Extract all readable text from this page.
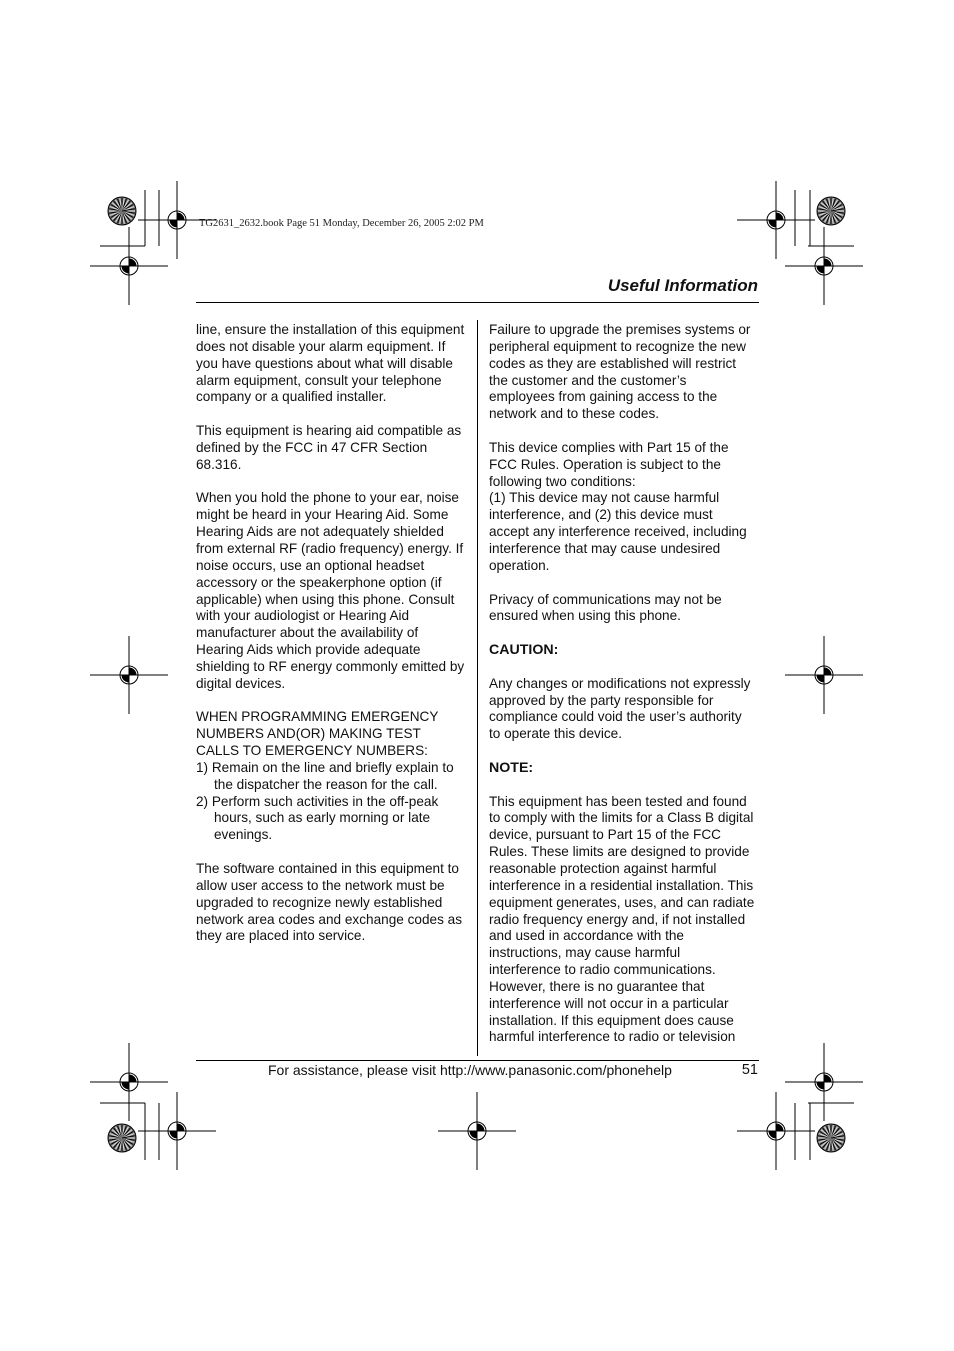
TG2631_2632.book Page 51 Monday, December 26, 2005 2:02 PM
Useful Information

line, ensure the installation of this equipment does not disable your alarm equipment. If you have questions about what will disable alarm equipment, consult your telephone company or a qualified installer.

This equipment is hearing aid compatible as defined by the FCC in 47 CFR Section 68.316.

When you hold the phone to your ear, noise might be heard in your Hearing Aid. Some Hearing Aids are not adequately shielded from external RF (radio frequency) energy. If noise occurs, use an optional headset accessory or the speakerphone option (if applicable) when using this phone. Consult with your audiologist or Hearing Aid manufacturer about the availability of Hearing Aids which provide adequate shielding to RF energy commonly emitted by digital devices.

WHEN PROGRAMMING EMERGENCY NUMBERS AND(OR) MAKING TEST CALLS TO EMERGENCY NUMBERS:

1) Remain on the line and briefly explain to the dispatcher the reason for the call.

2) Perform such activities in the off-peak hours, such as early morning or late evenings.

The software contained in this equipment to allow user access to the network must be upgraded to recognize newly established network area codes and exchange codes as they are placed into service.

Failure to upgrade the premises systems or peripheral equipment to recognize the new codes as they are established will restrict the customer and the customer’s employees from gaining access to the network and to these codes.

This device complies with Part 15 of the FCC Rules. Operation is subject to the following two conditions:

(1) This device may not cause harmful interference, and (2) this device must accept any interference received, including interference that may cause undesired operation.

Privacy of communications may not be ensured when using this phone.

CAUTION:

Any changes or modifications not expressly approved by the party responsible for compliance could void the user’s authority to operate this device.

NOTE:

This equipment has been tested and found to comply with the limits for a Class B digital device, pursuant to Part 15 of the FCC Rules. These limits are designed to provide reasonable protection against harmful interference in a residential installation. This equipment generates, uses, and can radiate radio frequency energy and, if not installed and used in accordance with the instructions, may cause harmful interference to radio communications. However, there is no guarantee that interference will not occur in a particular installation. If this equipment does cause harmful interference to radio or television

For assistance, please visit http://www.panasonic.com/phonehelp	51
